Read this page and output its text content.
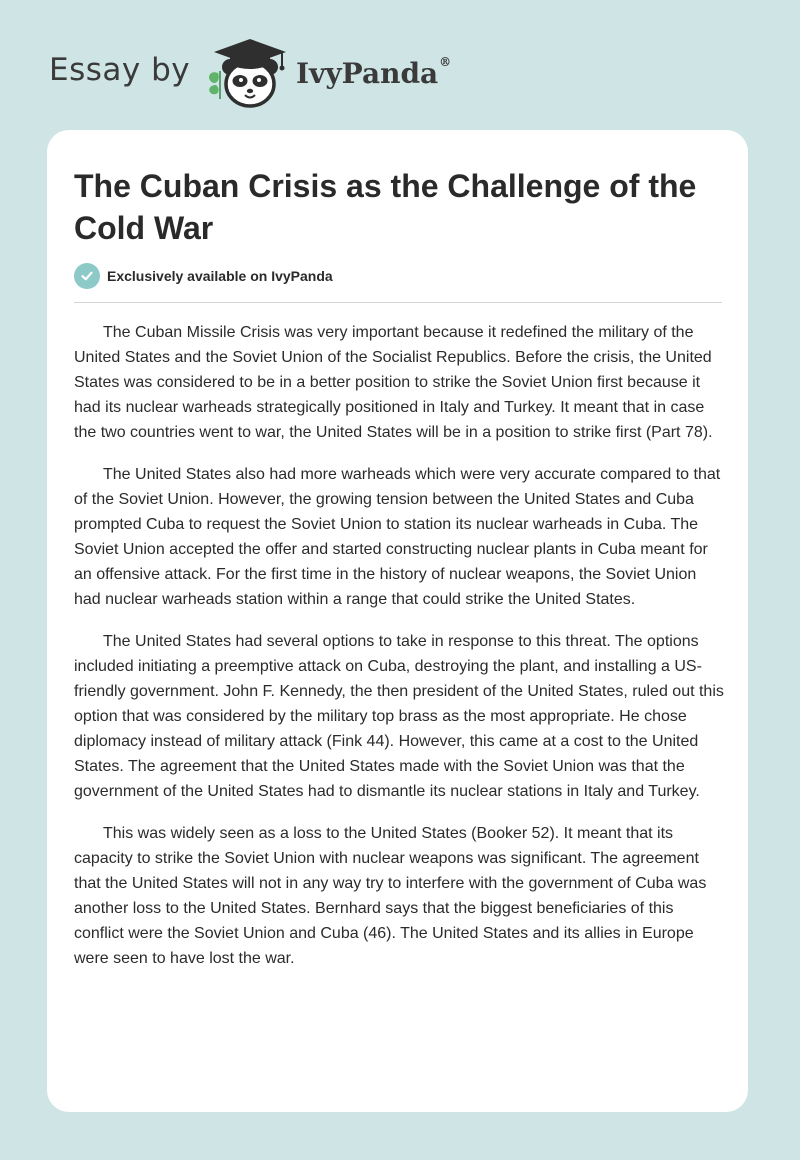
Essay by	IvyPanda®
The Cuban Crisis as the Challenge of the Cold War
Exclusively available on IvyPanda

The Cuban Missile Crisis was very important because it redefined the military of the United States and the Soviet Union of the Socialist Republics. Before the crisis, the United States was considered to be in a better position to strike the Soviet Union first because it had its nuclear warheads strategically positioned in Italy and Turkey. It meant that in case the two countries went to war, the United States will be in a position to strike first (Part 78).

The United States also had more warheads which were very accurate compared to that of the Soviet Union. However, the growing tension between the United States and Cuba prompted Cuba to request the Soviet Union to station its nuclear warheads in Cuba. The Soviet Union accepted the offer and started constructing nuclear plants in Cuba meant for an offensive attack. For the first time in the history of nuclear weapons, the Soviet Union had nuclear warheads station within a range that could strike the United States.

The United States had several options to take in response to this threat. The options included initiating a preemptive attack on Cuba, destroying the plant, and installing a US-friendly government. John F. Kennedy, the then president of the United States, ruled out this option that was considered by the military top brass as the most appropriate. He chose diplomacy instead of military attack (Fink 44). However, this came at a cost to the United States. The agreement that the United States made with the Soviet Union was that the government of the United States had to dismantle its nuclear stations in Italy and Turkey.

This was widely seen as a loss to the United States (Booker 52). It meant that its capacity to strike the Soviet Union with nuclear weapons was significant. The agreement that the United States will not in any way try to interfere with the government of Cuba was another loss to the United States. Bernhard says that the biggest beneficiaries of this conflict were the Soviet Union and Cuba (46). The United States and its allies in Europe were seen to have lost the war.
